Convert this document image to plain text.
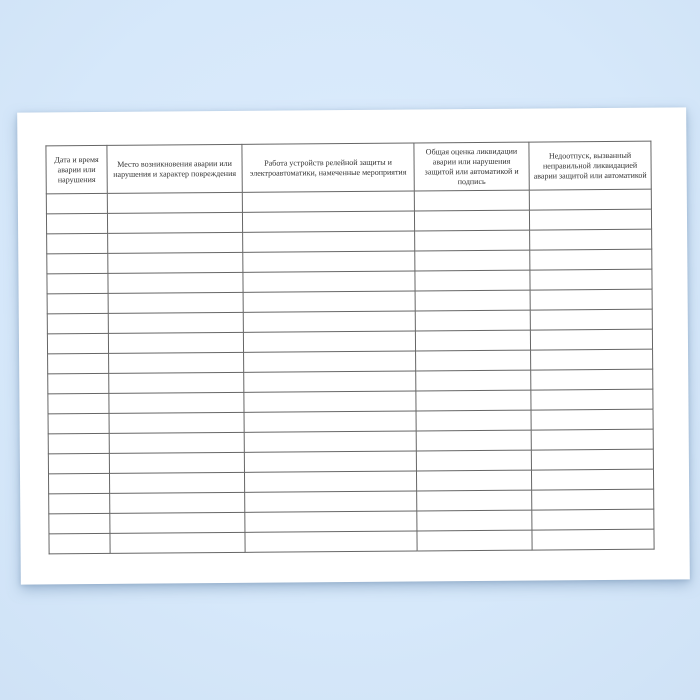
Дата и время аварии или нарушения	Место возникновения аварии или нарушения и характер повреждения	Работа устройств релейной защиты и электроавтоматики, намеченные мероприятия	Общая оценка ликвидации аварии или нарушения защитой или автоматикой и подпись	Недоотпуск, вызванный неправильной ликвидацией аварии защитой или автоматикой
